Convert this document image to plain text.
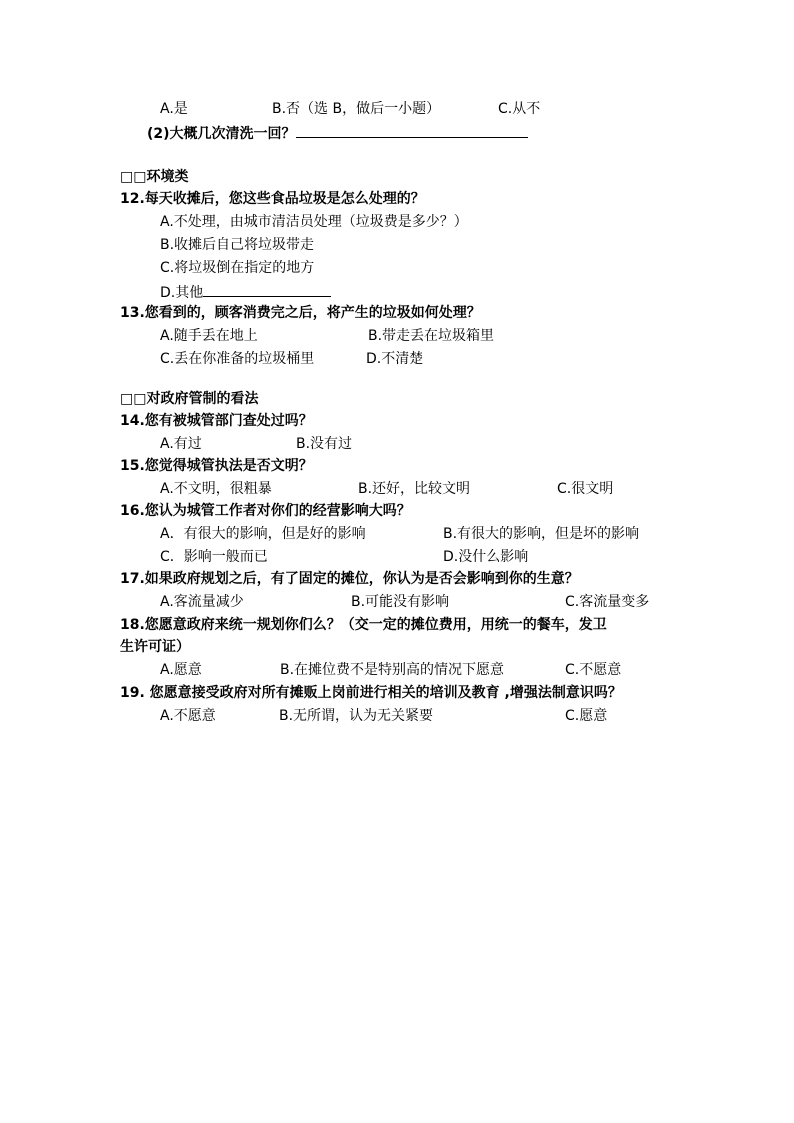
A.是	B.否（选 B，做后一小题）	C.从不
(2)大概几次清洗一回？
□□环境类
12.每天收摊后，您这些食品垃圾是怎么处理的？
A.不处理，由城市清洁员处理（垃圾费是多少？）
B.收摊后自己将垃圾带走
C.将垃圾倒在指定的地方
D.其他
13.您看到的，顾客消费完之后，将产生的垃圾如何处理？
A.随手丢在地上	B.带走丢在垃圾箱里
C.丢在你准备的垃圾桶里	D.不清楚
□□对政府管制的看法
14.您有被城管部门查处过吗？
A.有过	B.没有过
15.您觉得城管执法是否文明？
A.不文明，很粗暴	B.还好，比较文明	C.很文明
16.您认为城管工作者对你们的经营影响大吗？
A．有很大的影响，但是好的影响	B.有很大的影响，但是坏的影响
C．影响一般而已	D.没什么影响
17.如果政府规划之后，有了固定的摊位，你认为是否会影响到你的生意？
A.客流量减少	B.可能没有影响	C.客流量变多
18.您愿意政府来统一规划你们么？（交一定的摊位费用，用统一的餐车，发卫
生许可证）
A.愿意	B.在摊位费不是特别高的情况下愿意	C.不愿意
19. 您愿意接受政府对所有摊贩上岗前进行相关的培训及教育 ,增强法制意识吗？
A.不愿意	B.无所谓，认为无关紧要	C.愿意
